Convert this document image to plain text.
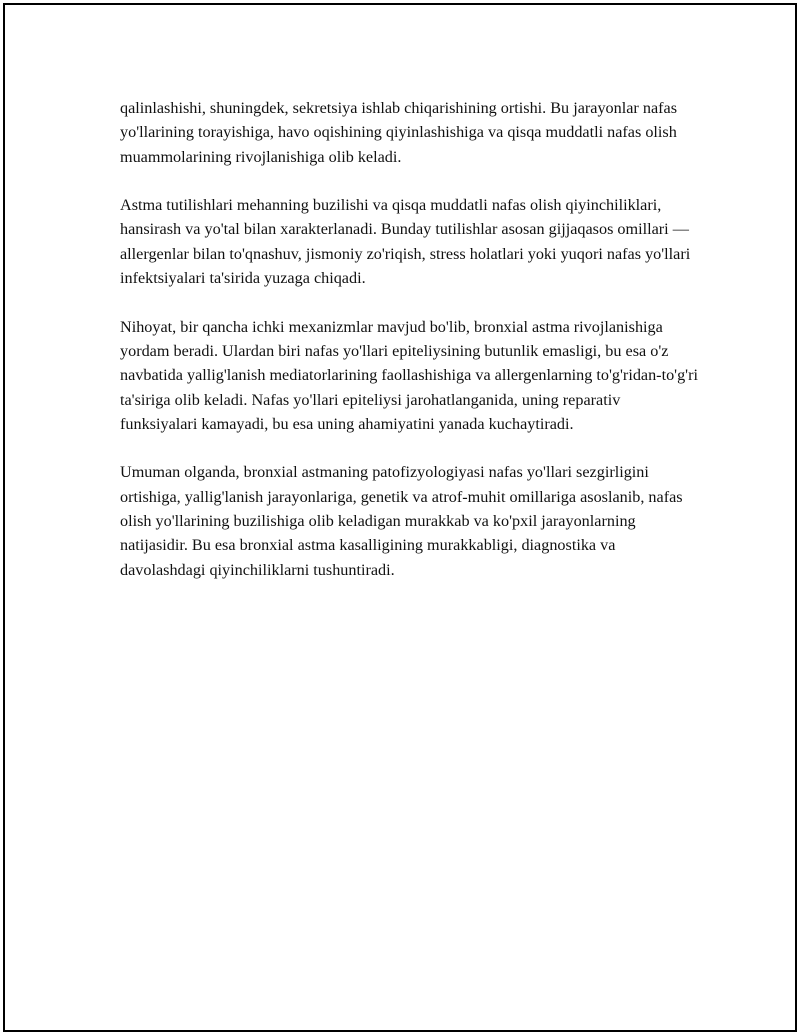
qalinlashishi, shuningdek, sekretsiya ishlab chiqarishining ortishi. Bu jarayonlar nafas yo'llarining torayishiga, havo oqishining qiyinlashishiga va qisqa muddatli nafas olish muammolarining rivojlanishiga olib keladi.

Astma tutilishlari mehanning buzilishi va qisqa muddatli nafas olish qiyinchiliklari, hansirash va yo'tal bilan xarakterlanadi. Bunday tutilishlar asosan gijjaqasos omillari — allergenlar bilan to'qnashuv, jismoniy zo'riqish, stress holatlari yoki yuqori nafas yo'llari infektsiyalari ta'sirida yuzaga chiqadi.

Nihoyat, bir qancha ichki mexanizmlar mavjud bo'lib, bronxial astma rivojlanishiga yordam beradi. Ulardan biri nafas yo'llari epiteliysining butunlik emasligi, bu esa o'z navbatida yallig'lanish mediatorlarining faollashishiga va allergenlarning to'g'ridan-to'g'ri ta'siriga olib keladi. Nafas yo'llari epiteliysi jarohatlanganida, uning reparativ funksiyalari kamayadi, bu esa uning ahamiyatini yanada kuchaytiradi.

Umuman olganda, bronxial astmaning patofizyologiyasi nafas yo'llari sezgirligini ortishiga, yallig'lanish jarayonlariga, genetik va atrof-muhit omillariga asoslanib, nafas olish yo'llarining buzilishiga olib keladigan murakkab va ko'pxil jarayonlarning natijasidir. Bu esa bronxial astma kasalligining murakkabligi, diagnostika va davolashdagi qiyinchiliklarni tushuntiradi.
